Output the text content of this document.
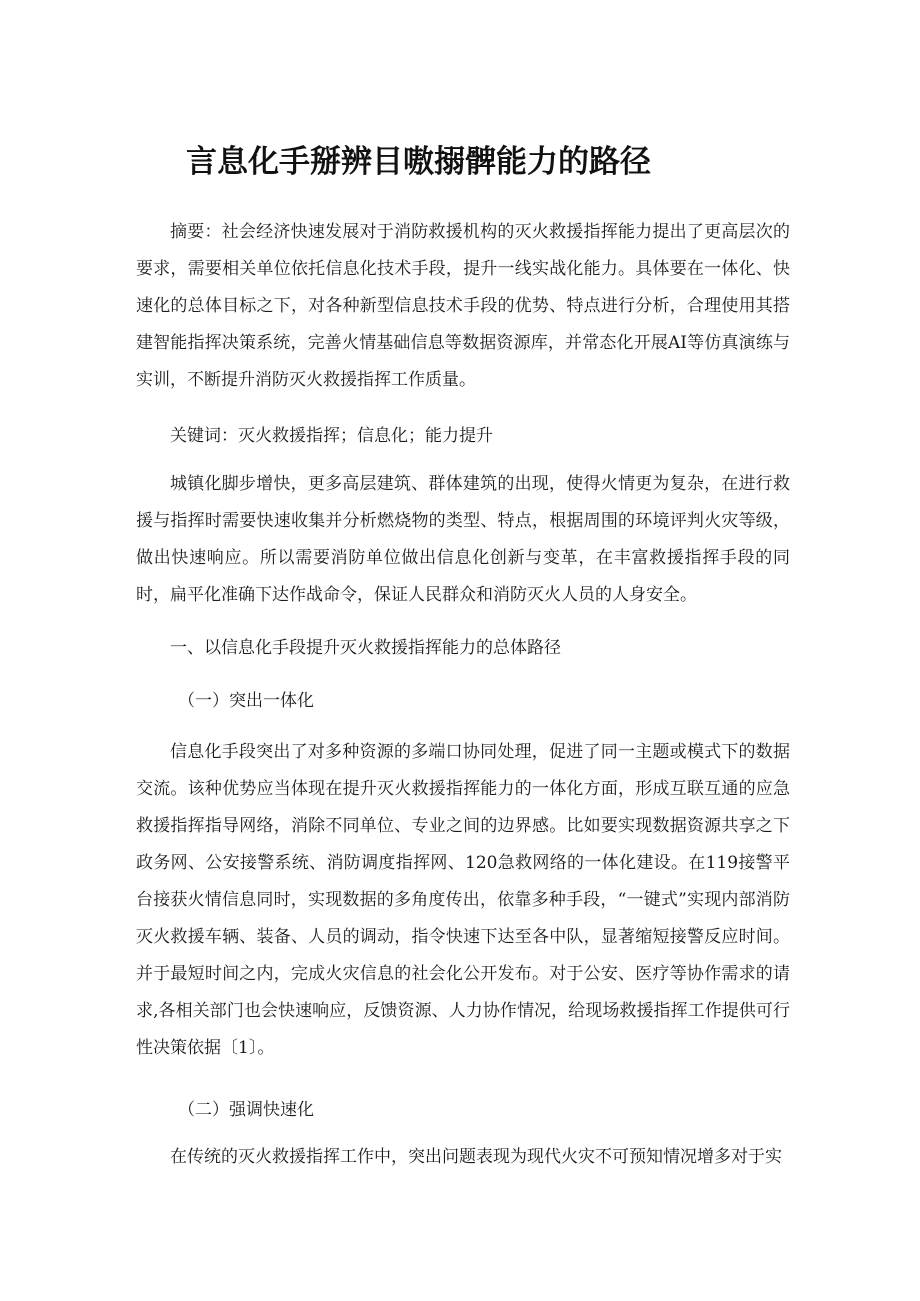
言息化手掰辨目嗷搦髀能力的路径

摘要：社会经济快速发展对于消防救援机构的灭火救援指挥能力提出了更高层次的要求，需要相关单位依托信息化技术手段，提升一线实战化能力。具体要在一体化、快速化的总体目标之下，对各种新型信息技术手段的优势、特点进行分析，合理使用其搭建智能指挥决策系统，完善火情基础信息等数据资源库，并常态化开展AI等仿真演练与实训，不断提升消防灭火救援指挥工作质量。

关键词：灭火救援指挥；信息化；能力提升

城镇化脚步增快，更多高层建筑、群体建筑的出现，使得火情更为复杂，在进行救援与指挥时需要快速收集并分析燃烧物的类型、特点，根据周围的环境评判火灾等级，做出快速响应。所以需要消防单位做出信息化创新与变革，在丰富救援指挥手段的同时，扁平化准确下达作战命令，保证人民群众和消防灭火人员的人身安全。

一、以信息化手段提升灭火救援指挥能力的总体路径
（一）突出一体化

信息化手段突出了对多种资源的多端口协同处理，促进了同一主题或模式下的数据交流。该种优势应当体现在提升灭火救援指挥能力的一体化方面，形成互联互通的应急救援指挥指导网络，消除不同单位、专业之间的边界感。比如要实现数据资源共享之下政务网、公安接警系统、消防调度指挥网、120急救网络的一体化建设。在119接警平台接获火情信息同时，实现数据的多角度传出，依靠多种手段，“一键式”实现内部消防灭火救援车辆、装备、人员的调动，指令快速下达至各中队，显著缩短接警反应时间。并于最短时间之内，完成火灾信息的社会化公开发布。对于公安、医疗等协作需求的请求,各相关部门也会快速响应，反馈资源、人力协作情况，给现场救援指挥工作提供可行性决策依据〔1〕。

（二）强调快速化

在传统的灭火救援指挥工作中，突出问题表现为现代火灾不可预知情况增多对于实
